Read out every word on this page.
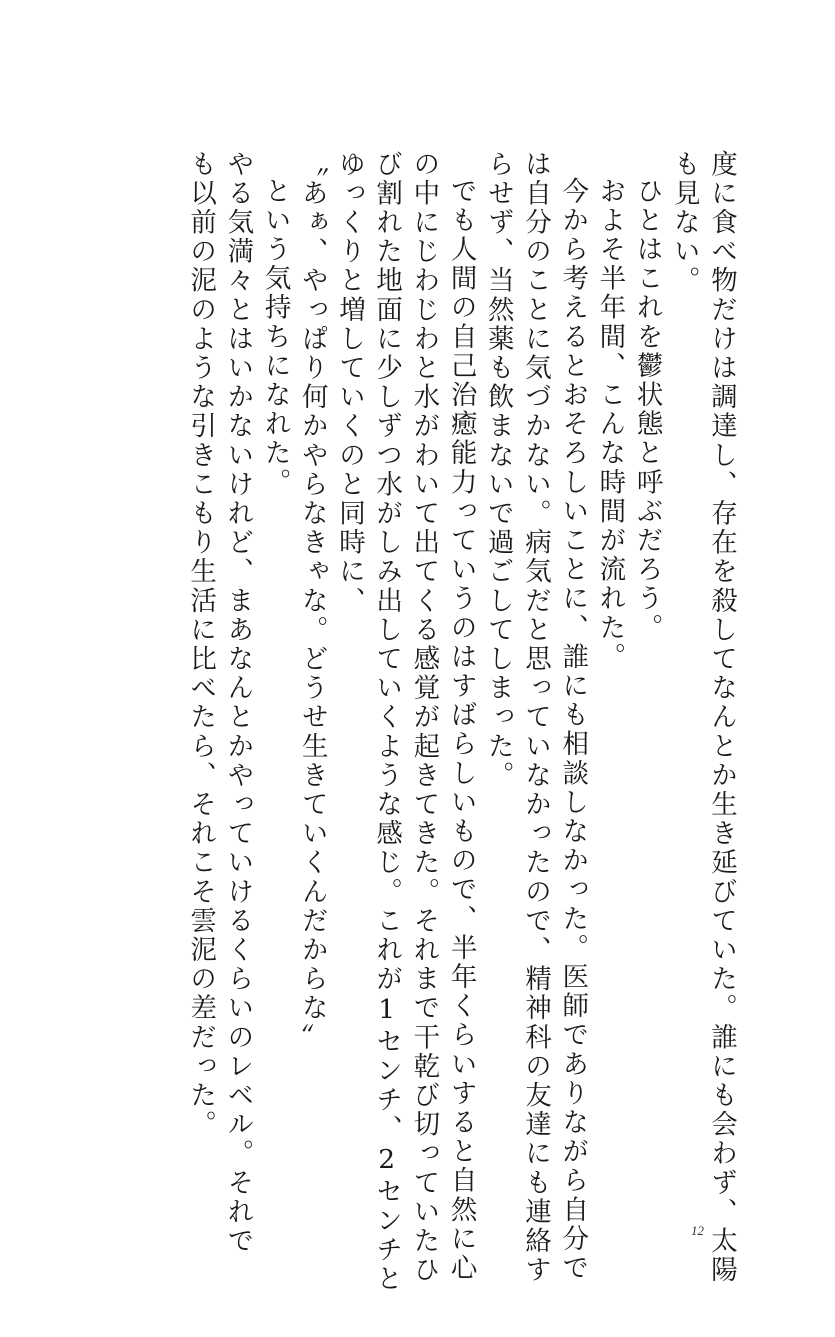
度に食べ物だけは調達し、存在を殺してなんとか生き延びていた。誰にも会わず、太陽
も見ない。
ひとはこれを鬱状態と呼ぶだろう。
およそ半年間、こんな時間が流れた。
今から考えるとおそろしいことに、誰にも相談しなかった。医師でありながら自分で
は自分のことに気づかない。病気だと思っていなかったので、精神科の友達にも連絡す
らせず、当然薬も飲まないで過ごしてしまった。
でも人間の自己治癒能力っていうのはすばらしいもので、半年くらいすると自然に心
の中にじわじわと水がわいて出てくる感覚が起きてきた。それまで干乾び切っていたひ
び割れた地面に少しずつ水がしみ出していくような感じ。これが1センチ、2センチと
ゆっくりと増していくのと同時に、
〝あぁ、やっぱり何かやらなきゃな。どうせ生きていくんだからな〟
という気持ちになれた。
やる気満々とはいかないけれど、まあなんとかやっていけるくらいのレベル。それで
も以前の泥のような引きこもり生活に比べたら、それこそ雲泥の差だった。
12
